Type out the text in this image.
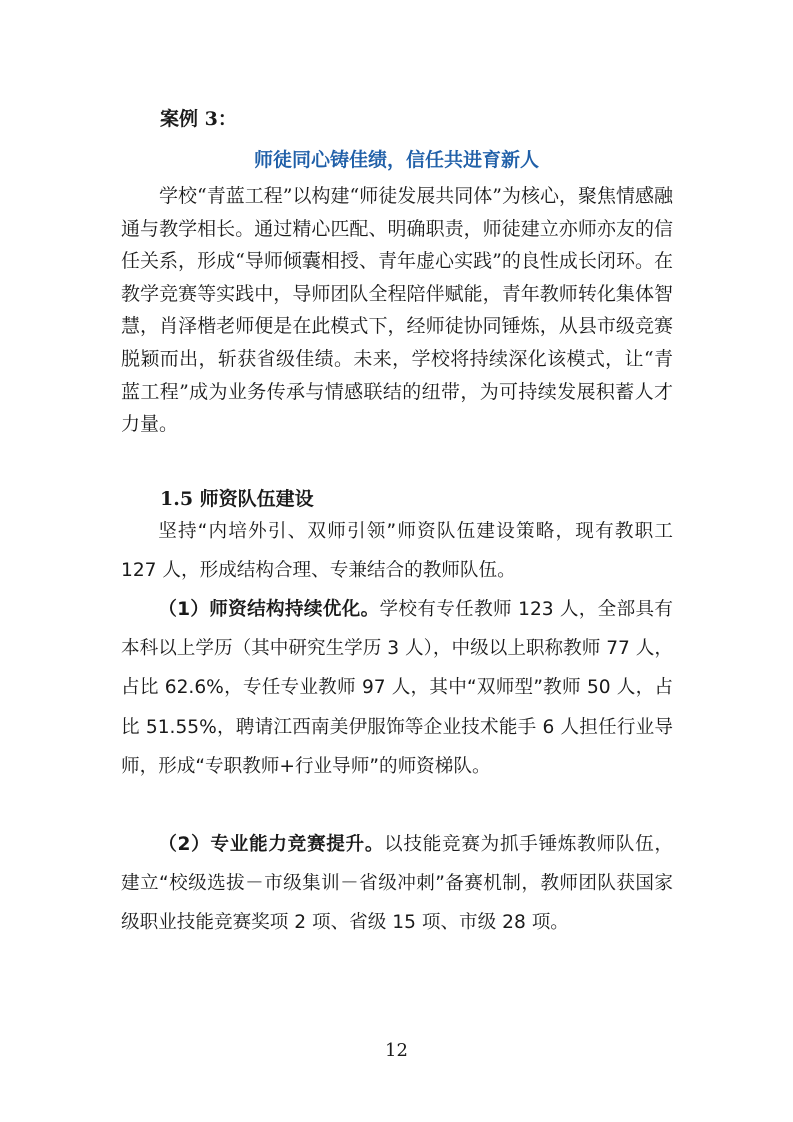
案例 3：

师徒同心铸佳绩，信任共进育新人

学校“青蓝工程”以构建“师徒发展共同体”为核心，聚焦情感融通与教学相长。通过精心匹配、明确职责，师徒建立亦师亦友的信任关系，形成“导师倾囊相授、青年虚心实践”的良性成长闭环。在教学竞赛等实践中，导师团队全程陪伴赋能，青年教师转化集体智慧，肖泽楷老师便是在此模式下，经师徒协同锤炼，从县市级竞赛脱颖而出，斩获省级佳绩。未来，学校将持续深化该模式，让“青蓝工程”成为业务传承与情感联结的纽带，为可持续发展积蓄人才力量。

1.5 师资队伍建设

坚持“内培外引、双师引领”师资队伍建设策略，现有教职工 127 人，形成结构合理、专兼结合的教师队伍。

（1）师资结构持续优化。学校有专任教师 123 人，全部具有本科以上学历（其中研究生学历 3 人），中级以上职称教师 77 人，占比 62.6%，专任专业教师 97 人，其中“双师型”教师 50 人，占比 51.55%，聘请江西南美伊服饰等企业技术能手 6 人担任行业导师，形成“专职教师+行业导师”的师资梯队。

（2）专业能力竞赛提升。以技能竞赛为抓手锤炼教师队伍，建立“校级选拔－市级集训－省级冲刺”备赛机制，教师团队获国家级职业技能竞赛奖项 2 项、省级 15 项、市级 28 项。

12
